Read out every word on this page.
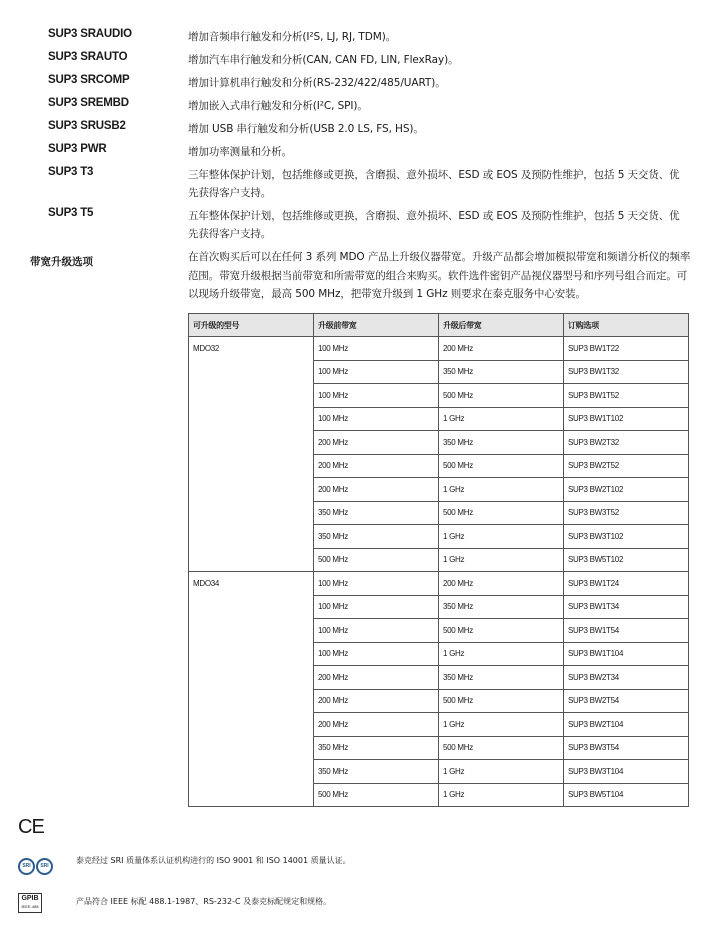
SUP3 SRAUDIO	增加音频串行触发和分析(I²S, LJ, RJ, TDM)。
SUP3 SRAUTO	增加汽车串行触发和分析(CAN, CAN FD, LIN, FlexRay)。
SUP3 SRCOMP	增加计算机串行触发和分析(RS-232/422/485/UART)。
SUP3 SREMBD	增加嵌入式串行触发和分析(I²C, SPI)。
SUP3 SRUSB2	增加 USB 串行触发和分析(USB 2.0 LS, FS, HS)。
SUP3 PWR	增加功率测量和分析。
SUP3 T3	三年整体保护计划，包括维修或更换，含磨损、意外损坏、ESD 或 EOS 及预防性维护，包括 5 天交货、优先获得客户支持。
SUP3 T5	五年整体保护计划，包括维修或更换，含磨损、意外损坏、ESD 或 EOS 及预防性维护，包括 5 天交货、优先获得客户支持。
带宽升级选项	在首次购买后可以在任何 3 系列 MDO 产品上升级仪器带宽。升级产品都会增加模拟带宽和频谱分析仪的频率范围。带宽升级根据当前带宽和所需带宽的组合来购买。软件选件密钥产品视仪器型号和序列号组合而定。可以现场升级带宽，最高 500 MHz，把带宽升级到 1 GHz 则要求在泰克服务中心安装。
可升级的型号	升级前带宽	升级后带宽	订购选项
MDO32	100 MHz	200 MHz	SUP3 BW1T22
	100 MHz	350 MHz	SUP3 BW1T32
	100 MHz	500 MHz	SUP3 BW1T52
	100 MHz	1 GHz	SUP3 BW1T102
	200 MHz	350 MHz	SUP3 BW2T32
	200 MHz	500 MHz	SUP3 BW2T52
	200 MHz	1 GHz	SUP3 BW2T102
	350 MHz	500 MHz	SUP3 BW3T52
	350 MHz	1 GHz	SUP3 BW3T102
	500 MHz	1 GHz	SUP3 BW5T102
MDO34	100 MHz	200 MHz	SUP3 BW1T24
	100 MHz	350 MHz	SUP3 BW1T34
	100 MHz	500 MHz	SUP3 BW1T54
	100 MHz	1 GHz	SUP3 BW1T104
	200 MHz	350 MHz	SUP3 BW2T34
	200 MHz	500 MHz	SUP3 BW2T54
	200 MHz	1 GHz	SUP3 BW2T104
	350 MHz	500 MHz	SUP3 BW3T54
	350 MHz	1 GHz	SUP3 BW3T104
	500 MHz	1 GHz	SUP3 BW5T104
CE
SRI SRI
泰克经过 SRI 质量体系认证机构进行的 ISO 9001 和 ISO 14001 质量认证。
GPIB
IEEE-488
产品符合 IEEE 标配 488.1-1987、RS-232-C 及泰克标配规定和规格。
